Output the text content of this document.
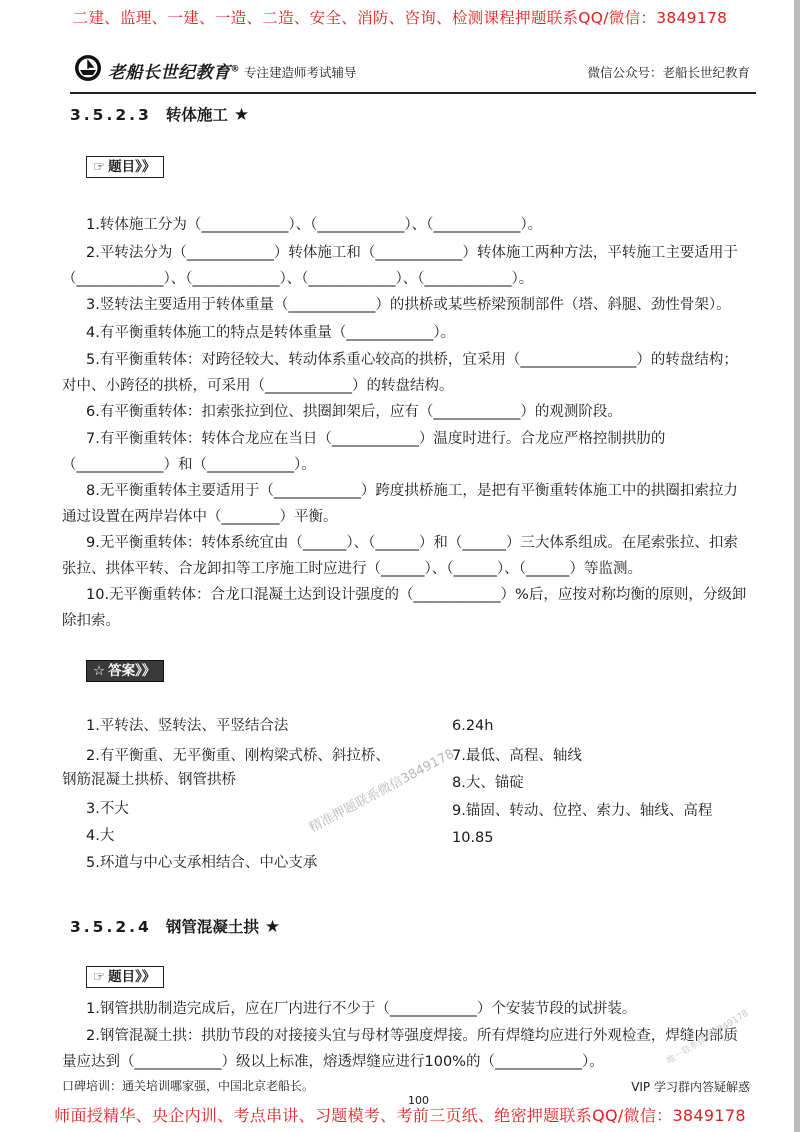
二建、监理、一建、一造、二造、安全、消防、咨询、检测课程押题联系QQ/微信：3849178
老船长世纪教育® 专注建造师考试辅导	微信公众号：老船长世纪教育
3.5.2.3 转体施工 ★
☞ 题目》》
1.转体施工分为（____________）、（____________）、（____________）。
2.平转法分为（____________）转体施工和（____________）转体施工两种方法，平转施工主要适用于（____________）、（____________）、（____________）、（____________）。
3.竖转法主要适用于转体重量（____________）的拱桥或某些桥梁预制部件（塔、斜腿、劲性骨架）。
4.有平衡重转体施工的特点是转体重量（____________）。
5.有平衡重转体：对跨径较大、转动体系重心较高的拱桥，宜采用（________________）的转盘结构；对中、小跨径的拱桥，可采用（____________）的转盘结构。
6.有平衡重转体：扣索张拉到位、拱圈卸架后，应有（____________）的观测阶段。
7.有平衡重转体：转体合龙应在当日（____________）温度时进行。合龙应严格控制拱肋的（____________）和（____________）。
8.无平衡重转体主要适用于（____________）跨度拱桥施工，是把有平衡重转体施工中的拱圈扣索拉力通过设置在两岸岩体中（________）平衡。
9.无平衡重转体：转体系统宜由（______）、（______）和（______）三大体系组成。在尾索张拉、扣索张拉、拱体平转、合龙卸扣等工序施工时应进行（______）、（______）、（______）等监测。
10.无平衡重转体：合龙口混凝土达到设计强度的（____________）%后，应按对称均衡的原则，分级卸除扣索。
☆ 答案》》
1.平转法、竖转法、平竖结合法
2.有平衡重、无平衡重、刚构梁式桥、斜拉桥、
钢筋混凝土拱桥、钢管拱桥
3.不大
4.大
5.环道与中心支承相结合、中心支承
6.24h
7.最低、高程、轴线
8.大、锚碇
9.锚固、转动、位控、索力、轴线、高程
10.85
精准押题联系微信3849178
3.5.2.4 钢管混凝土拱 ★
☞ 题目》》
1.钢管拱肋制造完成后，应在厂内进行不少于（____________）个安装节段的试拼装。
2.钢管混凝土拱：拱肋节段的对接接头宜与母材等强度焊接。所有焊缝均应进行外观检查，焊缝内部质量应达到（____________）级以上标准，熔透焊缝应进行100%的（____________）。	唯一联系微信3849178
口碑培训：通关培训哪家强，中国北京老船长。	VIP 学习群内答疑解惑
100
师面授精华、央企内训、考点串讲、习题模考、考前三页纸、绝密押题联系QQ/微信：3849178
